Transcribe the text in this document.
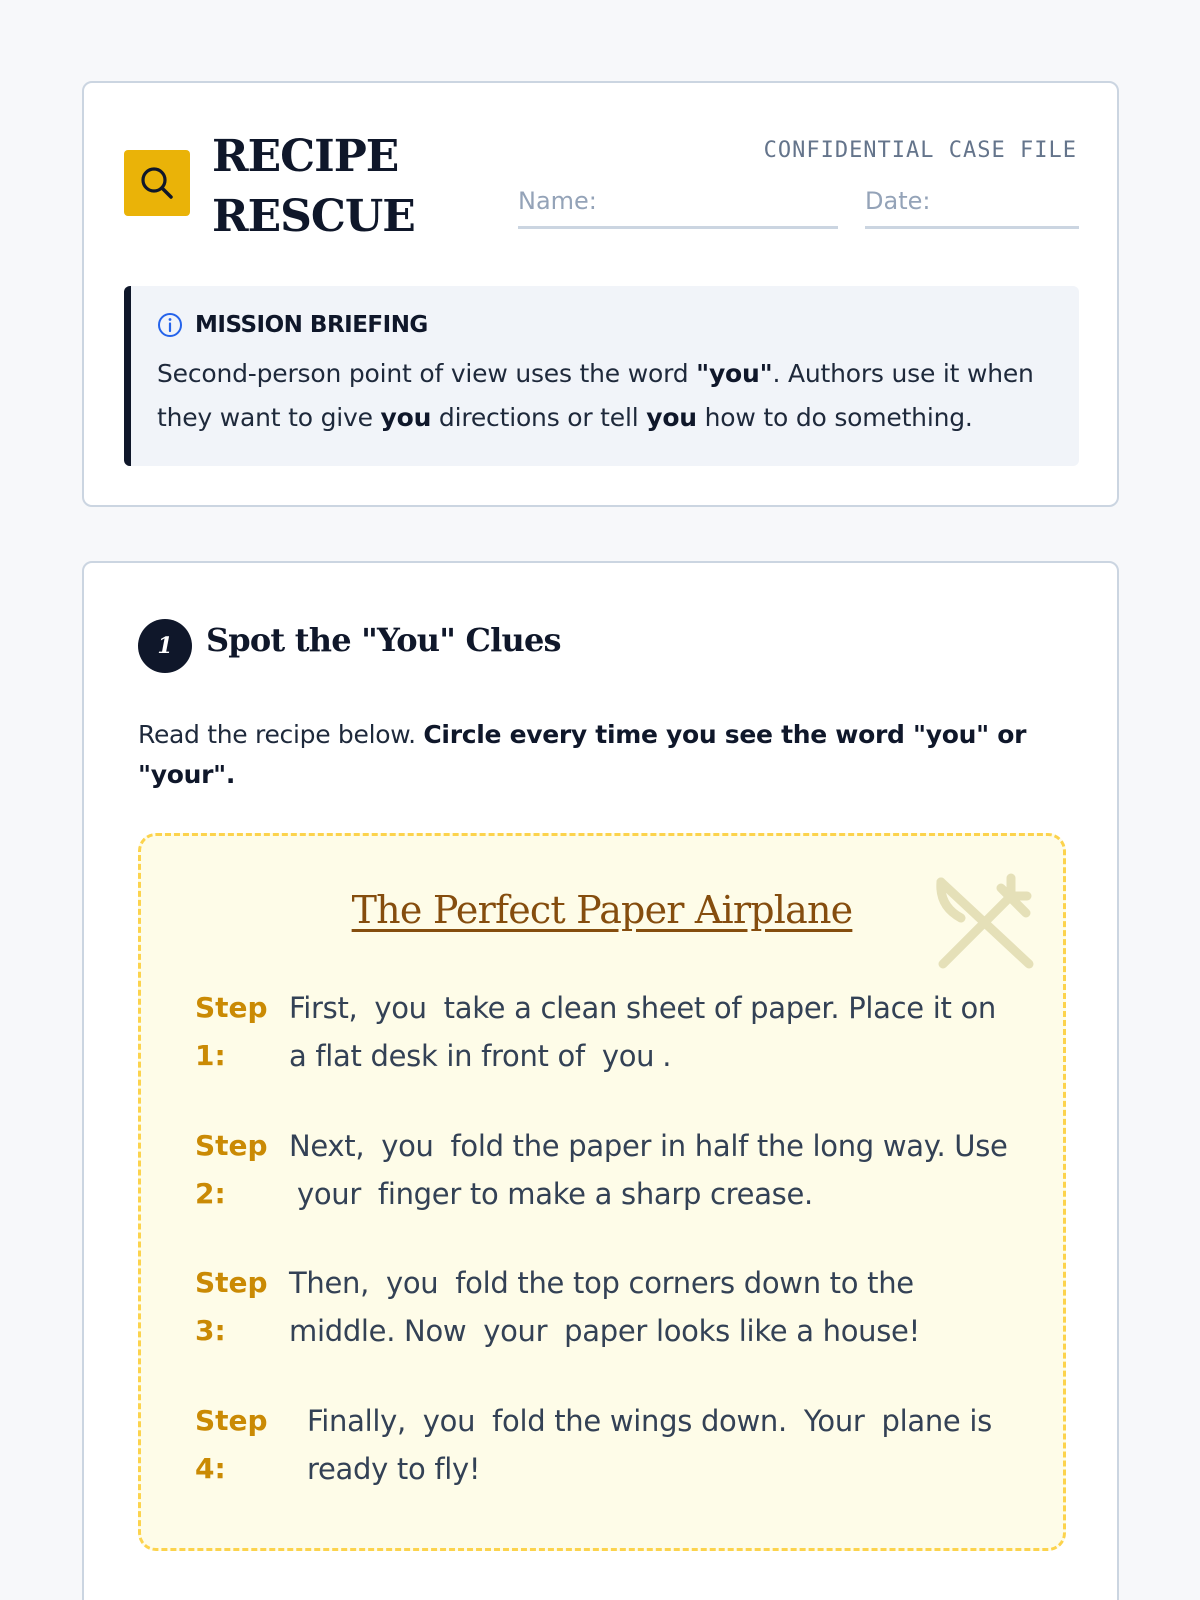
RECIPE
RESCUE
CONFIDENTIAL CASE FILE
Name:	Date:
MISSION BRIEFING
Second-person point of view uses the word "you". Authors use it when they want to give you directions or tell you how to do something.
1	Spot the "You" Clues
Read the recipe below. Circle every time you see the word "you" or "your".
The Perfect Paper Airplane
Step 1:
First, you take a clean sheet of paper. Place it on a flat desk in front of you .
Step 2:
Next, you fold the paper in half the long way. Use your finger to make a sharp crease.
Step 3:
Then, you fold the top corners down to the middle. Now your paper looks like a house!
Step 4:
Finally, you fold the wings down. Your plane is ready to fly!
